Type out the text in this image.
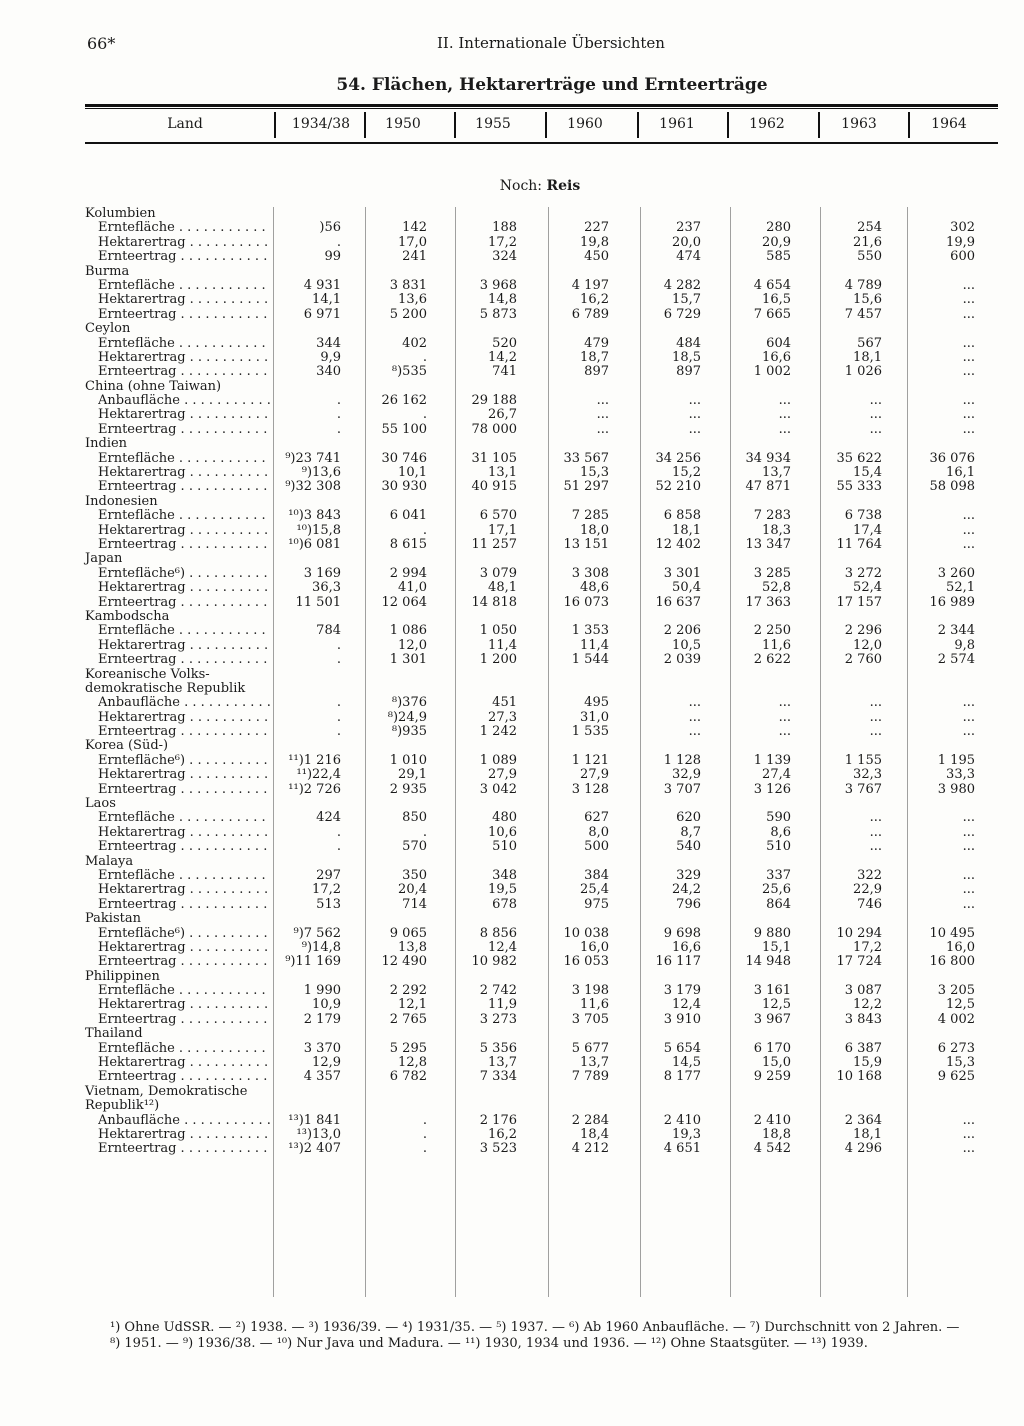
66*	II. Internationale Übersichten
54. Flächen, Hektarerträge und Ernteerträge
Land	1934/38	1950	1955	1960	1961	1962	1963	1964
Noch: Reis
Kolumbien
Erntefläche . . .	)56	142	188	227	237	280	254	302
Hektarertrag . . .	.	17,0	17,2	19,8	20,0	20,9	21,6	19,9
Ernteertrag . . .	99	241	324	450	474	585	550	600
Burma
Erntefläche . . .	4 931	3 831	3 968	4 197	4 282	4 654	4 789	...
Hektarertrag . . .	14,1	13,6	14,8	16,2	15,7	16,5	15,6	...
Ernteertrag . . .	6 971	5 200	5 873	6 789	6 729	7 665	7 457	...
Ceylon
Erntefläche . . .	344	402	520	479	484	604	567	...
Hektarertrag . . .	9,9	.	14,2	18,7	18,5	16,6	18,1	...
Ernteertrag . . .	340	⁸)535	741	897	897	1 002	1 026	...
China (ohne Taiwan)
Anbaufläche . . .	.	26 162	29 188	...	...	...	...	...
Hektarertrag . . .	.	.	26,7	...	...	...	...	...
Ernteertrag . . .	.	55 100	78 000	...	...	...	...	...
Indien
Erntefläche . . .	⁹)23 741	30 746	31 105	33 567	34 256	34 934	35 622	36 076
Hektarertrag . . .	⁹)13,6	10,1	13,1	15,3	15,2	13,7	15,4	16,1
Ernteertrag . . .	⁹)32 308	30 930	40 915	51 297	52 210	47 871	55 333	58 098
Indonesien
Erntefläche . . .	¹⁰)3 843	6 041	6 570	7 285	6 858	7 283	6 738	...
Hektarertrag . . .	¹⁰)15,8	.	17,1	18,0	18,1	18,3	17,4	...
Ernteertrag . . .	¹⁰)6 081	8 615	11 257	13 151	12 402	13 347	11 764	...
Japan
Erntefläche⁶) . . .	3 169	2 994	3 079	3 308	3 301	3 285	3 272	3 260
Hektarertrag . . .	36,3	41,0	48,1	48,6	50,4	52,8	52,4	52,1
Ernteertrag . . .	11 501	12 064	14 818	16 073	16 637	17 363	17 157	16 989
Kambodscha
Erntefläche . . .	784	1 086	1 050	1 353	2 206	2 250	2 296	2 344
Hektarertrag . . .	.	12,0	11,4	11,4	10,5	11,6	12,0	9,8
Ernteertrag . . .	.	1 301	1 200	1 544	2 039	2 622	2 760	2 574
Koreanische Volks-
demokratische Republik
Anbaufläche . . .	.	⁸)376	451	495	...	...	...	...
Hektarertrag . . .	.	⁸)24,9	27,3	31,0	...	...	...	...
Ernteertrag . . .	.	⁸)935	1 242	1 535	...	...	...	...
Korea (Süd-)
Erntefläche⁶) . . .	¹¹)1 216	1 010	1 089	1 121	1 128	1 139	1 155	1 195
Hektarertrag . . .	¹¹)22,4	29,1	27,9	27,9	32,9	27,4	32,3	33,3
Ernteertrag . . .	¹¹)2 726	2 935	3 042	3 128	3 707	3 126	3 767	3 980
Laos
Erntefläche . . .	424	850	480	627	620	590	...	...
Hektarertrag . . .	.	.	10,6	8,0	8,7	8,6	...	...
Ernteertrag . . .	.	570	510	500	540	510	...	...
Malaya
Erntefläche . . .	297	350	348	384	329	337	322	...
Hektarertrag . . .	17,2	20,4	19,5	25,4	24,2	25,6	22,9	...
Ernteertrag . . .	513	714	678	975	796	864	746	...
Pakistan
Erntefläche⁶) . . .	⁹)7 562	9 065	8 856	10 038	9 698	9 880	10 294	10 495
Hektarertrag . . .	⁹)14,8	13,8	12,4	16,0	16,6	15,1	17,2	16,0
Ernteertrag . . .	⁹)11 169	12 490	10 982	16 053	16 117	14 948	17 724	16 800
Philippinen
Erntefläche . . .	1 990	2 292	2 742	3 198	3 179	3 161	3 087	3 205
Hektarertrag . . .	10,9	12,1	11,9	11,6	12,4	12,5	12,2	12,5
Ernteertrag . . .	2 179	2 765	3 273	3 705	3 910	3 967	3 843	4 002
Thailand
Erntefläche . . .	3 370	5 295	5 356	5 677	5 654	6 170	6 387	6 273
Hektarertrag . . .	12,9	12,8	13,7	13,7	14,5	15,0	15,9	15,3
Ernteertrag . . .	4 357	6 782	7 334	7 789	8 177	9 259	10 168	9 625
Vietnam, Demokratische
Republik¹²)
Anbaufläche . . .	¹³)1 841	.	2 176	2 284	2 410	2 410	2 364	...
Hektarertrag . . .	¹³)13,0	.	16,2	18,4	19,3	18,8	18,1	...
Ernteertrag . . .	¹³)2 407	.	3 523	4 212	4 651	4 542	4 296	...
¹) Ohne UdSSR. — ²) 1938. — ³) 1936/39. — ⁴) 1931/35. — ⁵) 1937. — ⁶) Ab 1960 Anbaufläche. — ⁷) Durchschnitt von 2 Jahren. —
⁸) 1951. — ⁹) 1936/38. — ¹⁰) Nur Java und Madura. — ¹¹) 1930, 1934 und 1936. — ¹²) Ohne Staatsgüter. — ¹³) 1939.
